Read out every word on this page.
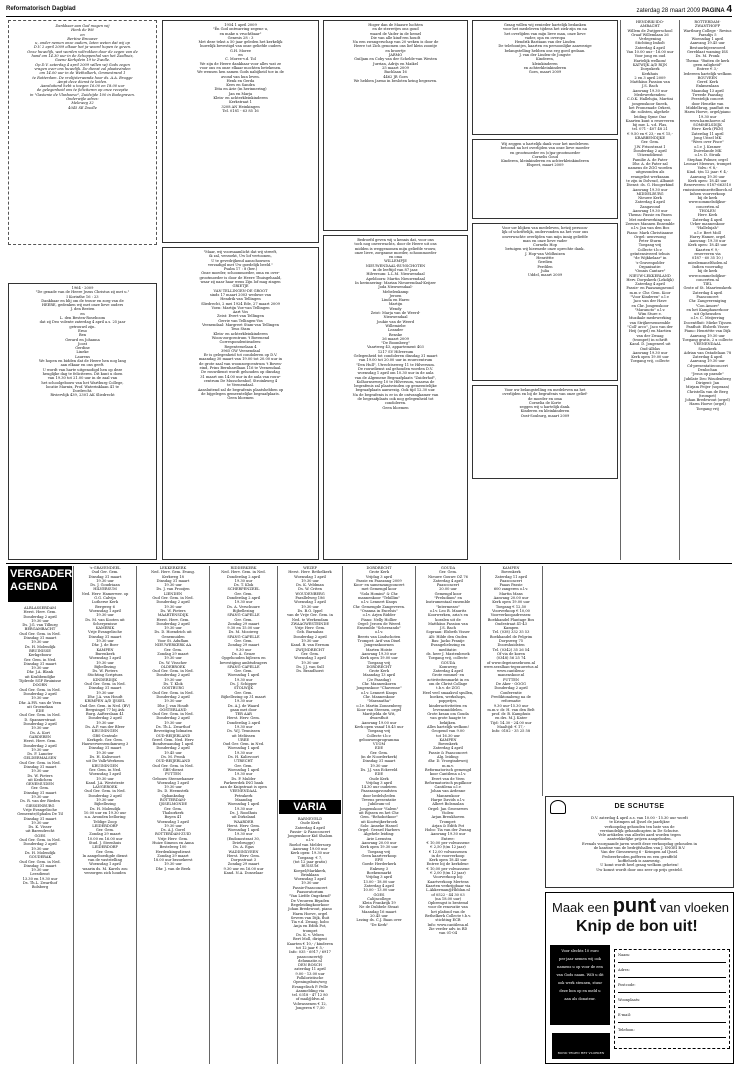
Reformatorisch Dagblad	zaterdag 28 maart 2009 PAGINA 4
Dankbaar aan God mogen wij
Henk de Wit
en
Bertine Brouwer
u, onder nemen onze ouders, laten weten dat wij op
D.V. 2 april 2009 elkaar het ja-woord hopen te geven.
Onze huwelijk, wat worden voltrokken door de zegen van de
hand om 14.30 uur in de Schoppenhal van het Zaalhuis,
Goene Kerkplein 19 te Zwolle.
Op D.V. zaterdag 4 april 2009 willen wij Gods zegen
vragen over ons huwelijk. De dienst zal plaatsvinden
om 14.00 uur in de Wethalkerk, Ommestrand 1
te Rotterdam. De vrolijsterwanda hoor ds. A.A. Brugge
Ampt deze dienst te leiden.
Aansluitend hebt u toegen 16.00 en 18.00 uur
de gelegenheid ons te feliciteren op onze receptie
in "Gastenie de Vlashoeve", Zuidzijde 100 in Bodegraven.
Onderwijle adres:
Meleweg 32
4045 SE Zwolle
1964 - 2009
"De genade van de Heere Jezus Christus zij met u."
I Korinthe 16 : 23
Dankbaar en blij om de trouw en zorg van de
HEERE, gedenken wij met onze lieve ouders
J. den Besten
en
L. den Besten-Roseboom
dat zij Deo volente zaterdag 4 april a.s. 25 jaar
getrouwd zijn.
Erno
Ben
Gerard en Johanna
Joost
Gerdine
Lineke
Laurens
We hopen en bidden dat de Heere hen nog lang
aan elkaar en ons geeft.
U wordt van harte uitgenodigd hen op deze
heuglijke dag te feliciteren. Dit kunt u doen
van 19.30 tot 21.00 uur in de zaal van
het schoolgebouw van het Wartburg College,
locatie Marnix, Prof. Waterinklaan 41 te
Dordrecht.
Riviervlijk 439, 2301 AK Sliedrecht
1954 1 april 2009
"Ën God ontwarring zegene u,
en make u vruchtbaar"
Genesis 28 : 3
Met deze tekst a 50 jaar geleden het kerkelijk
huwelijk bevestigd van onze geliefde ouders
G.H. Moree
en
C. Moree-v.d. Tol
We zijn de Heere dankbaar voor alles wat ze
voor ons en onze elkaar mochten betekenen.
We wensen hen samen Gods nabijheid toe in de
avond van hun leven.
Henk en Gerda
Kees en Sandra
Dita en Arie (in herinnering)
Jan en Marja
Klein- en achterkleinkinderen
Kerkstraat 1
3208 AN Heinkingen
Tel. 0181 - 63 85 16
"Maar, wij voornaamlicht dat wij streeft,
ik zal, verzoekt, Uw lof vertoonen,
U te gevedrijkend aanschouwen
verzadigd met Uw goedelijk beeld."
Psalm 17 : 8 (ber.)
Onze moeder, schoonmoeder, oma en over-
grootmoeder is door de Heere Thuisgehaald,
waar zij naar haar wens Zijn lof mag zingen
GRIETJE
VAN TELLINGEN-DE GROOT
sinds 17 maart 2003 weduwe van
Hendrik van Tellingen
Sliedrecht, 2 mei 1924 Ede, 27 maart 2009
Voen: Martijn Voe-van Tellingen
Aart Vos
Zeist: Evert van Tellingen
Gerrie van Tellingen-Vos
Veenendaal: Margreet Stam-van Tellingen
Teus Stam
Klein- en achterkleinkinderen
Woon-zorgcentrum 't Bovenend
Correspondentieadres:
Regentesselaan 4
3965 GW Veenendaal
Er is gelegenheid tot condoleren op D.V.
maandag 30 maart van 19.00 tot 20.00 uur in
de grote zaal van woonzorgcentrum 't Boven-
eind, Prins Bernhardlaan 116 te Veenendaal.
De rouwdienst wordt gehouden op dinsdag
31 maart om 14.00 uur in de aula van rouw-
centrum De Musschenhof, Stroinkweg 4
te Veenendaal.
Aansluitend zal de begrafenis plaatshebben op
de bijgelegen gemeentelijke begraafplaats.
Geen bloemen
Hoger dan de Maasre luchten
en de sterretjes ons goud
waard de Vader in de hemel
Die van alle kind'ren houdt
Na een zwangerschap van 20 weken is door de
Heere tot Zich genomen ons lief klein zoontje
en broertje
JARMO
Guiljam en Coby van der Schelde-van Westen
Jurrian, Adrijs en Maikel
25 maart 2009
Bachlaan 16
4462 JR Goes
We hebben Jarmo in besloten kring begraven.
Bedroefd geven wij u kennis dat, voor ons
toch nog onverwachts, door de Heere uit ons
midden is weggenomen mijn geliefde vrouw,
onze lieve, zorgzame moeder, schoonmoeder
en oma
WILLEMPJE
NIEUWENDAAL-BUNSCHOTEN
in de leeftijd van 87 jaar.
Hilversum: L.L.M. Nieuwendaal
Apeldoorn: Martin Nieuwendaal
In herinnering: Marian Nieuwendaal-Keijzer
Joda Nieuwendaal-
Mebelenkamp
Jeroen
Linda en Harro
Martijn
Wendy
Zeist: Marja van de Weerd-
Nieuwendaal
Joukie van de Weerd
Willemiebe
Leander
Renske
26 maart 2009
"De Boomberg"
Vaartweg 43, appartement 403
1217 SV Hilversum
Gelegenheid tot condoleren dinsdag 31 maart
van 19.00 tot 20.00 uur in rouwcentrum
"Den Hull", Utrechtseweg 11 te Hilversum.
De rouwdienst zal gehouden worden D.V.
woensdag 1 april om 10.30 uur in de aula
van de Algemene Begraafplaats "Zuiderhof",
Kolhornseweg 10 te Hilversum, waarna de
begrafenis zal plaatsvinden op gemeentelijke
begraafplaats aanwezig. Ook tijd 12.30 uur.
Na de begrafenis is er in de ontvangkamer van
de begraafplaats ook nog gelegenheid tot
condoleren.
Geen bloemen
Graag willen wij eenieder hartelijk bedanken
voor het medeleven tijdens het ziek-zijn en na
het overlijden van mijn lieve man, onze lieve
vader, opa en overopa
Hendrik Bastiaan van der Linden
De telefoontjes, kaarten en persoonlijke aanwezige
belangstelling hebben ons erg goed gedaan.
J. van der Linden-de Jongste
Kinderen,
kleinkinderen
en achterkleinkinderen
Goes, maart 2009
Wij zeggen u hartelijk dank voor het medeleven
betoond na het overlijden van onze lieve moeder
en grootmoeder en (o)pa-grootmoeder
Cornelis Goud
Kinderen, kleinkinderen en achterkleinkinderen
Elspeet, maart 2009
Voor uw blijken van medeleven, hetzij persoon-
lijk of schriftelijk, ondervonden na het voor ons
onverwachte overlijden van mijn innig geliefde
man en onze lieve vader
Cornelis Hop
betuigen wij hiermede onze oprechte dank.
J. Hop-van Veldhuizen
Henriëtte
Gerdien
Perdilen
Julia
Uddel, maart 2009
Voor uw belangstelling en medeleven na het
overlijden en bij de begrafenis van onze gelief-
de moeder en oma
Cornelia de Korte
zeggen wij u hartelijk dank.
Kinderen en kleinkinderen
Oost-Souburg, maart 2009
HENDRIK-IDO-
AMBACHT
Willem de Zwijgerschool
Graaf Willemlaan 26
Verlegening
Stichting Imholt
Zaterdag 4 april
Van 10.00 uur - 16.00 uur
Voor jong en oud
Hartelijk welkom!
KATWIJK A/D RIJN
Dorpskerk
Kerkhuis
2 en 3 april 2009
Matthäus Passion van
J.S. Bach
Aanvang 19.30 uur
Medewerkenden:
C.O.K. Hallelujia, Martini
jongenskoor Sneek,
het Promenade Orkest,
dir. solisten, algehele
leiding Syme Ouz
Kaarten kunt u reserveren
bij mw. L. v.d. Plas,
tel. 071 - 407 48 21
€ 9.50 en € 23,- en € 15,-
KRABBENDIJKE
Ger. Gem.
J.W. Frisostraat 1
Donderdag 2 april
Uitzenddienst
Familie A. de Pater
Dhr. A. de Pater zal
namens de ZGG worden
uitgezonden als
evangelist werkzaam
te zijn in Dolvrad, Albanië
Dienst: ds. G. Hoogerkind
Aanvang 19.30 uur
MIDDELBURG
Nieuwe Kerk
Zaterdag 4 april
Zangavond
Aanvang 19.30 uur
Thema: Passie en Pasen
Met medewerking van:
Zeeuws Mannen Ensemble
o.l.v. Jan van den Bos
Piano: Mark Christiaanse
Orgel: uenvrsong
Peter Sturm
Toegang vrij
Collecte t.b.v.
geïntensiveerd tehuis
"de Wijkkelaar" in
's-Gravenpolder
Organisatie:
"Omnis Cantare"
NIEUW-LEKKERLAND
Herv. Dorpskerk (Lekdijk)
Zaterdag 4 april
Passie- en Paaszangavond
m.m.v. Chr. Gem. Koor
"Voor Kinderen" o.l.v.
Jaco van der Have
en Chr. Jongenskoor
"Maranoto" o.l.v.
Wim Sture e.
Muzikale medewerking
van Strijkersensemble
"Coll' arco", Jaco van der
Heij (orgel) en Martien
van der Zwaag
(trompet) in schrift
Kand. D. Jongeneel uit
Oud-Alblas
Aanvang 19.30 uur
Kerk open 19.00 uur
Toegang vrij, collecte
ROTTERDAM-
ZWANTHOFF
Wartburg College - Revius
Paradijs 5
Woensdag 1 april
Aanvang 19.45 uur
Bestuurbijeenvoerd
Gereblaat waming ISS
Ds. M. Pronk
Thema: "Buiten de kerk
geen zaligheid"
Entree € 3,-
Iedereen hartelijk welkom
ROUVEEN
Geref. Kerk
Enkmenlaan
Maandag 13 april
Tweede Paasdag
Feestelijk concert
door Henrike van
Middelbrug, panfluit en
Harm Hoeve, orgel/piano
19.30 uur
www.harmhoeve.nl
SOMMELSDIJK
Herv. Kerk (PKN)
Zaterdag 11 april
Jong Uitsel MK
"Wees over Pisce"
o.l.v. J. Kramer
Duivelande MK
o.l.v. D. Struik
Stephan Folmer, orgel
Leonart Meeuws, trompet
Volw.: € 8,-
Kind. t/m 12 jaar: € 4,-
Aanvang 19.30 uur
Kerk open: 18.45 uur
Reserveren: 0187-663510
rmissioneninzettelborch.nl
Infoen voorverkoop
bij de kerk
www.sommelsdijkse-
concerten.nl
THOLEN
Herv. Kerk
Zaterdag 4 april
Urker mannenkoor
"Hallelujah"
o.l.v. Bert Moll
Harry Hamer, orgel
Aanvang: 19.30 uur
Kerk open: 18.45 uur
Kaarten € 9,-
reserveren via
0187 - 60 35 10 /
mieslemaneltholen.nl
Indien voorradig
bij de kerk
www.sommelsdijkse-
concerten.nl
TIEL
Grote of St. Maartenskerk
Zaterdag 4 april
Paasconcert
Chr. Zangvereniging
"Con Amore"
en het Kamphauerkoor
uit Opheusden
o.l.v. C. Meijerring
Docentfluit: Mieke Tijssen
Panfluit: Elsbeth Visser
Piano: Henriëtte van Dijk
Aanvang 19.30 uur
Toegang gratis, 2 x collecte
VEENENDAAL
Sionskerk
Adrian van Ostadelaan 78
Zaterdag 4 april
Aanvang 19.30 uur
Cd-presentatieconcert
Denlochan
"Jesus op parade"
Jubilate Deo Woudenberg
Dirigent: Jan
Mirjam Feijer (sopraan)
Christella van de Berg
(trompet)
Johan Bredewout (orgel)
Harm Hoeve (orgel)
Toegang vrij
VERGADER-
AGENDA
ALBLASSERDAM
Herst. Herv. Gem.
Donderdag 2 april
19.30 uur
Ds. J.G. van Tilburg
BERGAMBACHT
Oud Ger. Gem. in Ned.
Dinsdag 31 maart
19.30 uur
Ds. H. Molendijk
BRUINISSE
Kerkgebouw
Ger. Gem. in Ned.
Dinsdag 31 maart
19.30 uur
Dhr. J.A. Blank
uit Krabbendijke
Tijdrede SGP Bruinisse
DOORN
Oud Ger. Gem. in Ned.
Donderdag 2 april
19.30 uur
Dhr. A.P.R. van de Veen
uit Groenekan
EDE
Oud Ger. Gem. in Ned.
D. Spannerstraat
Donderdag 2 april
19.30 uur
Ds. A. Kort
GARDEREN
Herst. Herv. Gem.
Donderdag 2 april
19.30 uur
Ds. F. Lanoter
GELDERMALSEN
Oud Ger. Gem. in Ned.
Dinsdag 31 maart
19.30 uur
Ds. W. Pieters
uit Kedichem
GENEMUIDEN
Ger. Gem.
Dinsdag 31 maart
19.30 uur
Ds. R. van der Rieden
GIESSENBURG
Vrije Evangelische
Gemeente/Sphalm De Til
Dinsdag 31 maart
19.30 uur
Ds. K. Visser
uit Barendrecht
GOES
Oud Ger. Gem. in Ned.
Donderdag 2 april
19.30 uur
Ds. H. Molendijk
GOUDERAK
Oud Ger. Gem. in Ned.
Dinsdag 31 maart
19.30 uur
Leesdienst
13.30 en 19.30 uur
Ds. Th.L. Zwarthof
Bolsberg
's-GRAVENDEEL
Oud Ger. Gem.
Dinsdag 31 maart
19.30 uur
Ds. J. Goudriaan
HILVERSUM
Ned. Herv. Hamerwer. op
G.G. Calvijn
Lutherse Kerk
Bergweg 6
Woensdag 1 april
19.30 uur
Ds. M. van Kooten uit
Scherpenisse
KAMERIK
Vrije Evangelische
Dinsdag 31 maart
19.30 uur
Dhr. J. de Boer
KAMPEN
Burenkerk
Woensdag 1 april
19.30 uur
Bijbellezing
Ds. W. Pieters
Stichting Scriptura
KINDERDIJK
Oud Ger. Gem. in Ned.
Dinsdag 31 maart
19.30 uur
Dhr. J.A. van Houdt
KRIMPEN A/D IJSSEL
Oud Ger. Gem. in Ned. (BV)
Bergsingel 77 bij Avk
Burg. Aafterslaan 41
Donderdag 2 april
19.30 uur
Ds. A.P. van der Bleer
KRUININGEN
GBS-Centrale
Kerkgeb. Ger. Gem.
Hauwerwerzendamweg 3
Dinsdag 31 maart
19.30 uur
Ds. H. Kalisvoort
uit De Valk-Werkrom
KRUININGEN
Ger. Gem. in Ned.
Woensdag 1 april
19.30 uur
Kand. J.A. Weststrate
LANGEROEK
Oud Ger. Gem. in Ned.
Donderdag 2 april
19.30 uur
Bijbellezing
Ds. H. Molendijk
10.00 uur en 19.30 uur
n.a. Avonden belloring
Teldige Zoop
LEIDERDORP
Ger. Gem.
Zondag 29 maart
10.00 en 16.00 uur
Stud. J. Steenhuis
LEIDERDORP
Ger. Gem.
In aangeboedigde dienst
van de vaststelling
Woensdag 1 april
waarin ds. M. Karels zou
verzorgen zich houden
LEKKERKERK
Ned. Herv. Gem. Evang.
Kerkweg 18
Dinsdag 31 maart
19.30 uur
Ds. J. van Prooijen
LIENDEN
Oud Ger. Gem. in Ned.
Donderdag 2 april
19.30 uur
Ds. W. Pieters
MAARTENSDIJK
Herst. Herv. Gem.
Donderdag 2 april
19.30 uur
Ds. D. Hoendrich uit
Genemuiden
Voor St. Aduflam
NIEUWERKERK AA
Ger. Gem.
Zondag 29 maart
19.30 uur
Ds. W. Visscher
OLDEBROEK
Oud Ger. Gem. in Ned.
Donderdag 2 april
19.30 uur
Ds. T. Klok
OOSTBURG
Oud Ger. Gem. in Ned.
Donderdag 2 april
19.30 uur
Dhr. J. van Houdt
OOSTERLAND
Oud Ger. Gem. in Ned.
Donderdag 2 april
19.30 uur
Ds. Th.L. Zwarthof
Bevestiging lidmaten
OUD-BEIJERLAND
Geref. Gem. Ned. Herv.
Bondswaandag 1 april
Donderdag 2 april
19.45 uur
Ds. M. Pronk
OUD-BEIJERLAND
Oud Ger. Gem. in Ned.
GBS-dienst
PUTTEN
Gebouw Steenwhamer
Woensdag 1 april
19.30 uur
Ds. D. Heemstrik
Ophanksdag
ROTTERDAM-
IJSSELMONDE
Ger. Gem.
Thaborkerk
Boyen 41
Woensdag 1 april
19.30 uur
Ds. A.J. Gorel
ROTTERDAM-ZUID
Vrije Herv. Gem.
Huize Simeon en Anna
Bestelweg 100
Herdenkingsdienst
Zondag 29 maart
18.00 uur bezoekerst
19.30 uur
Dhr. J. van de Beek
RIDDERKERK
Ned. Herv. Gem. in Ned.
Donderdag 2 april
19.30 uur
Ds. T. Klok
SCHERPENZEEL
Ger. Gem.
Donderdag 2 april
19.30 uur
Ds. A. Verschuure
Bijbellezing
SPANG-CAPELLE
Ger. Gem.
Zondag 29 maart
9.30 en 15.00 uur
Ds. M. Mooiweg
SPANG-CAPELLE
Ger. Gem.
Zondag 29 maart
9.30 uur
Ds. A. Geuze
Opgehouden bijlezen en
bevestiging ambtsdragers
SPANG-CAPELLE
Ger. Gem.
Woensdag 1 april
19.30 uur
Ds. J. Schipper
STOLWIJK
Ger. Gem.
Bijbellezing op 31 maart
19.30 uur
Ds. A.J. de Waard
gaan met door
TER AAR
Herst. Herv. Gem.
Donderdag 2 april
19.30 uur
Ds. W.J. Teunissen
uit Meliissen
UREE
Oud Ger. Gem. in Ned.
Woensdag 1 april
19.30 uur
Ds. H. Kalisvoort
UTRECHT
Ger. Gem.
Woensdag 1 april
19.30 uur
Ds. P. Mulder
Parkeerdek ING bank
aan de Knipstraat is open
VEENENDAAL
Petrakerk
Maandag
Woensdag 1 april
19.30 uur
Ds. J. Roodhuis
uit Dirksland
WAARDER
Herst. Herv. Gem.
Woensdag 1 april
19.30 uur
(Endonostraat 30,
Driebrugge)
Ds. A. Egas
WADDINXVEEN
Herst. Herv. Gem.
Dorpsstraat 3
Zondag 29 maart
9.30 uur en 16.00 uur
Kand. N.A. Donselaar
WEZEP
Herst. Herv. Bethelkerk
Woensdag 1 april
19.30 uur
Ds. K. Veldman
Ds. W. Criten
WOUDENBERG
Parallelweg 186
Woensdag 1 april
19.30 uur
Ds. B.O. Ippel
van de Vrije Ger. Gem. in
Ned. te Werkendam
ZWAAGWESTEINDE
Vrije Herv. Gem.
Geb. Barnabas
Donderdag 2 april
19.30 uur
Kand. B. van Eersum
ZWIJNDRECHT
Ger. Gem.
Woensdag 1 april
19.30 uur
Ds. J.J. van Sull
Ds. Brandhorst
VARIA
BARNEVELD
Oude Kerk
Zaterdag 4 april
Passie- & Paasconcert
Jongenskoor Kid Shalom
o.l.v.
Roelof van Meldersorp
Aanvang 19.00 uur
Kerk open: 19.30 uur
Toegang: € 7,
(tot 12 jaar gratis)
BUSSUM
Koepel/Markkerk,
Brinklaan
Woensdag 1 april
19.30 uur
Passie-Paasconcert
Paasoratorium
"Van Liefde Ongekend"
De Vrouwen Biyaden
Begeleidingkoorkoor
Johan Bredewout, piano
Harm Hoeve, orgel
Severn van Dijk, fluit
Tia v.d. Zwaag, hobo
Anja en Edith Pot,
trompet
Ds. K. v. Velsen
Bert Moll, dirigent
Kaarten € 10,- / kinderen
tot 12 jaar € 5,-
Info: 035 - 6917 / 6917
paasconcert@
deluxnatie.nl
DEN BOSCH
zaterdag 11 april
9.00 - 13.00 uur
Folkloristische
Openingsbuis/weg
Evangelisch P. Pelle
Aanmelding via
tel. 0318 - 47 12 80
of mail@ldvn.nl
Volwassenen € 12,
Jongeren € 7,50
DORDRECHT
Grote Kerk
Vrijdag 3 april
Passie en Paaszang 2009
Koor- en samenzangconcert
met Gemengd koor
"Sola Homini" & Chr.
mannenkoor "Tehillim"
o.l.v. Lennert Knops
Chr. Gemengde Zangeveren.
"Osanna in Excelsis"
o.l.v. Arjen Ridder
Piano: Nelly Hollier
Orgel: Jeroen de Weerd
Ensemble "Scherzando"
o.l.v.
Beeris van Lindschoten
Trompet: Arif van Dixel
Jongenskoornen
Marten Hoiste
Aanvang 19.30 uur
Kerk open 19.00 uur
Toegang vrij
DORDRECHT
Grote Kerk
Maandag 13 april
(2e Paasdag)
Chr. Mannenkoren
Jongenskoor "Chavenne"
o.l.v. Lennert Knops
Chr. Mannenkoor
"Maranatha"
o.l.v. Martin Zonnenberg
Koor van Steenen, orgel
Maritjelda de Wit,
dwarsfluit
Aanvang 19.00 uur
Kerk open vanaf 18.45 uur
Toegang vrij
Collecte t.b.v.
gebouwenprogramma
VUOM
EDE
Ger. Gem.
(in de Noorderkerk)
Dinsdag 31 maart
19.30 uur
Ds. J.J. van Eckeveld
EDE
Oude Kerk
Vrijdag 3 april
14.30 uur oudeiren
Paaszangavondsten
door bedels/leden
Tevens presentatie
Jubileum-cd
Jongenskoor "Salem"
uit Rijssen en het Chr.
Gem. "Rehobotkoor"
uit Kootwijkerbroek
Solo: Anneke Hassel
Orgel: Gerard Harbers
Algehele leiding:
Arie Leenstra
Aanvang 20.00 uur
Kerk open 19.30 uur
Toegang vrij
Geen kaartverkoop
EPE
Goede Herderkerk
Enkweg 3
Boekenmarkt
Vrijdag 3 april
13.00 - 18.00 uur
Zaterdag 4 april
10.00 - 13.00 uur
GOES
Calijncollege
Klein Frankrijk 19
Ne de Dubbele Straat
Maandag 16 maart
20.45 uur
Lezing ds. C.J. Baan over
"De Kerk"
GOUDA
Ger. Gem.
Nieuwe Gouwe OZ 76
Zaterdag 4 april
Paasconcert
20.00 uur
Gemengd koor
"Preludium" en
Instrumentaal ensemble
"Intermezzo"
o.l.v. Leo B. Mauritz
Koorwerken, aria's en
koralen uit de
Matthäus Passion van
J.S. Bach
Sopraan: Elsbeth Visser
Alt: Hilde den Ouden
Bas: Jacko Pranije
Evangelielezing en
meditatie:
ds. heer J. Mastenbroek
Toegang vrij, collecte
GOUDA
Komwerg
Zaterdag 4 april
Grote rommel- en
activiteitenmarkt in en
om de Christ Collage
t.b.v. de ZGG
Heel veel smaakvol spullen,
boeken, werkshops,
poppetjes,
kinderactiviteiten en
levensmiddelen.
Grote kraan om Gouda
van grote haagte te
bekijken.
Alles hartelijk welkom!
Geopend van 9.00
tot 16.30 uur
KAMPEN
Bovenkerk
Zaterdag 4 april
Passie & Paasconcert
Alg. leiding:
dhr. D. Vroegindeweij
m.m.v.
Reformatorisch gemengd
koor Cantilena o.l.v.
Evert van de Veen
Reformatorisch pupilkoor
Cantilena o.l.v.
Johan van Ardenne
Mannenkoor
Harpe Davids o.l.v.
Albert Bolsmulan
Orgel: Jan Groenewes
Violen:
Arjan Breukhoven
Trompet:
Arjan & Edith Pot
Hobo: Tia van der Zwaag
Aanvang 19.30 uur
Entree:
€ 10,00 per volwassene
€ 2,50 (t/m 12 jaar)
€ 12,00 volwassenen
in de voorverkoop
Kerk open 18.45 uur
Entree bij de kerkdeur:
€ 10,00 per volwassene
€ 2,00 (t/m 12 jaar)
Voorverkoop bij:
Kaartverkoop Mertens
Kaarten verkrijgbaar via
L.Akkerman@Hbblan.nl
of 0522 - 44 30 03
(na 18.00 uur)
Opbrengst is bestemd
voor de renovatie van
het plafond van de
Bethelkerk Collecte t.b.v.
stichting ECB
Info: www.cantilena.nl
Zie verder adv. in RD
van 01-04
KAMPEN
Bovenkerk
Zaterdag 11 april
Paasconcert
Paaas Passie
600 zangeren o.l.v.
Martin Mans
Aanvang 20.00 uur
Kerk open 19.00 uur
Toegang € 12,50
Voorverkoop € 10,00
Voorverkoopadressen:
Boekhandel Plantage Bos
Oudestraat 41-43
Kampen
Tel. (038) 332 35 53
Boekhandel de Pelgrim
Dorpsweg 75
Doornhuidsten
Tel. (0342) 35 26 54
Of via de koren
(0348) 56 25 74
of www.degeinesebroen.nl
www.seralhan-tegrauwetus.nl
www.cantilena-
manenskoor.nl
PUTTEN
De Aker - OOGG
Donderdag 2 april
Conferentie
Prediktonabrug na de
reformatie
9.30 uur-15.30 uur
m.m.v. dr. H. van den Belt
prof. dr. B. Kamphuis
en drs. M.J. Kater
Tijd: 14.30 - 24.00 uur
Maaltijd: € 17,-
Info: 0182 - 35 25 58
DE SCHUTSE
D.V. zaterdag 4 april a.s. van 10.00 - 15.30 uur wordt
te Krimpen ad IJssel de jaarlijkse
verkoopdag gehouden ten bate van de
verstandelijk gehandicapten in De Schutse.
Vele artikelen van allerlei aard worden tegen
aantrekkelijke prijzen aangeboden.
Evenals voorgaande jaren wordt deze verkoopdag gehouden in
de kantine van de bedrijfshallen van J. SNOEI B.V.
Van der Giessenweg 6 - Krimpen ad IJssel.
Probeerbroden,pofferen en een geraffeld
koffiehoek is aanwezig.
U komt wordt heel graag welkom geheten!
Uw komst wordt door ons zeer op prijs gesteld.
Maak een punt van vloeken
Knip de bon uit!
Voor slechts 10 euro
per jaar nemen wij ook
namens u op voor de een
van Gods naam. Wilt u dit
ook werk steunen, stuur
deze bon op en meld u
aan als donateur.
Naam:
Adres:
Postcode:
Woonplaats:
E-mail:
Telefoon:
BOND TEGEN HET VLOEKEN
